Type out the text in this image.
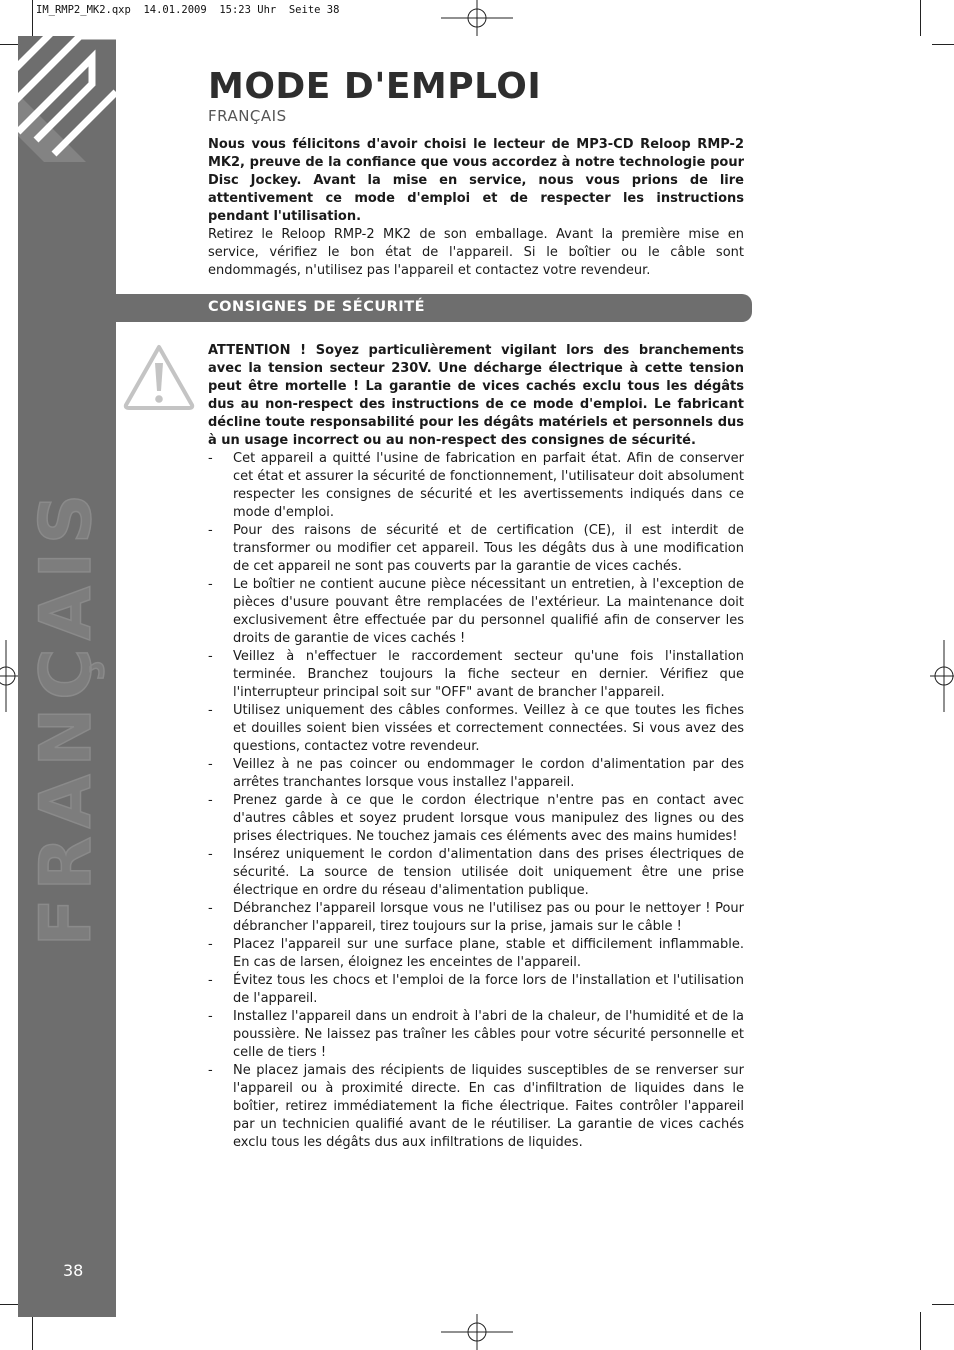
IM_RMP2_MK2.qxp  14.01.2009  15:23 Uhr  Seite 38
FRANÇAIS
38
MODE D'EMPLOI

FRANÇAIS

Nous vous félicitons d'avoir choisi le lecteur de MP3-CD Reloop RMP-2 MK2, preuve de la confiance que vous accordez à notre technologie pour Disc Jockey. Avant la mise en service, nous vous prions de lire attentivement ce mode d'emploi et de respecter les instructions pendant l'utilisation.
Retirez le Reloop RMP-2 MK2 de son emballage. Avant la première mise en service, vérifiez le bon état de l'appareil. Si le boîtier ou le câble sont endommagés, n'utilisez pas l'appareil et contactez votre revendeur.
CONSIGNES DE SÉCURITÉ
ATTENTION ! Soyez particulièrement vigilant lors des branchements avec la tension secteur 230V. Une décharge électrique à cette tension peut être mortelle ! La garantie de vices cachés exclu tous les dégâts dus au non-respect des instructions de ce mode d'emploi. Le fabricant décline toute responsabilité pour les dégâts matériels et personnels dus à un usage incorrect ou au non-respect des consignes de sécurité.
- Cet appareil a quitté l'usine de fabrication en parfait état. Afin de conserver cet état et assurer la sécurité de fonctionnement, l'utilisateur doit absolument respecter les consignes de sécurité et les avertissements indiqués dans ce mode d'emploi.
- Pour des raisons de sécurité et de certification (CE), il est interdit de transformer ou modifier cet appareil. Tous les dégâts dus à une modification de cet appareil ne sont pas couverts par la garantie de vices cachés.
- Le boîtier ne contient aucune pièce nécessitant un entretien, à l'exception de pièces d'usure pouvant être remplacées de l'extérieur. La maintenance doit exclusivement être effectuée par du personnel qualifié afin de conserver les droits de garantie de vices cachés !
- Veillez à n'effectuer le raccordement secteur qu'une fois l'installation terminée. Branchez toujours la fiche secteur en dernier. Vérifiez que l'interrupteur principal soit sur "OFF" avant de brancher l'appareil.
- Utilisez uniquement des câbles conformes. Veillez à ce que toutes les fiches et douilles soient bien vissées et correctement connectées. Si vous avez des questions, contactez votre revendeur.
- Veillez à ne pas coincer ou endommager le cordon d'alimentation par des arrêtes tranchantes lorsque vous installez l'appareil.
- Prenez garde à ce que le cordon électrique n'entre pas en contact avec d'autres câbles et soyez prudent lorsque vous manipulez des lignes ou des prises électriques. Ne touchez jamais ces éléments avec des mains humides!
- Insérez uniquement le cordon d'alimentation dans des prises électriques de sécurité. La source de tension utilisée doit uniquement être une prise électrique en ordre du réseau d'alimentation publique.
- Débranchez l'appareil lorsque vous ne l'utilisez pas ou pour le nettoyer ! Pour débrancher l'appareil, tirez toujours sur la prise, jamais sur le câble !
- Placez l'appareil sur une surface plane, stable et difficilement inflammable. En cas de larsen, éloignez les enceintes de l'appareil.
- Évitez tous les chocs et l'emploi de la force lors de l'installation et l'utilisation de l'appareil.
- Installez l'appareil dans un endroit à l'abri de la chaleur, de l'humidité et de la poussière. Ne laissez pas traîner les câbles pour votre sécurité personnelle et celle de tiers !
- Ne placez jamais des récipients de liquides susceptibles de se renverser sur l'appareil ou à proximité directe. En cas d'infiltration de liquides dans le boîtier, retirez immédiatement la fiche électrique. Faites contrôler l'appareil par un technicien qualifié avant de le réutiliser. La garantie de vices cachés exclu tous les dégâts dus aux infiltrations de liquides.
